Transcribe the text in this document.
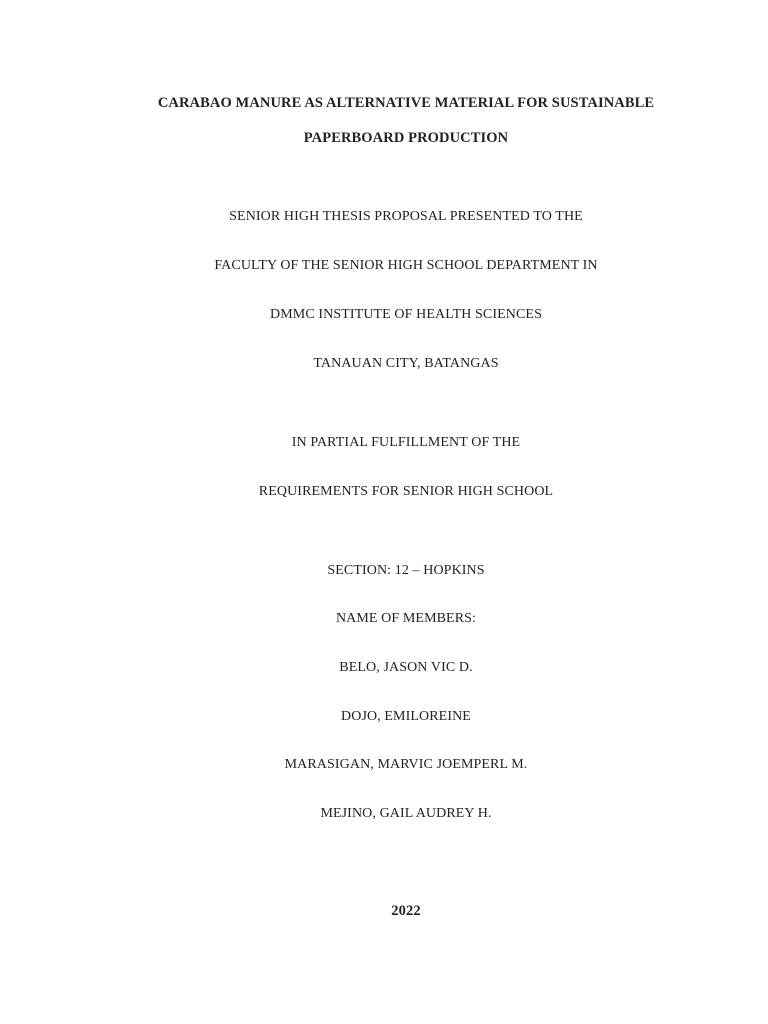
CARABAO MANURE AS ALTERNATIVE MATERIAL FOR SUSTAINABLE
PAPERBOARD PRODUCTION
SENIOR HIGH THESIS PROPOSAL PRESENTED TO THE
FACULTY OF THE SENIOR HIGH SCHOOL DEPARTMENT IN
DMMC INSTITUTE OF HEALTH SCIENCES
TANAUAN CITY, BATANGAS
IN PARTIAL FULFILLMENT OF THE
REQUIREMENTS FOR SENIOR HIGH SCHOOL
SECTION: 12 – HOPKINS
NAME OF MEMBERS:
BELO, JASON VIC D.
DOJO, EMILOREINE
MARASIGAN, MARVIC JOEMPERL M.
MEJINO, GAIL AUDREY H.
2022
